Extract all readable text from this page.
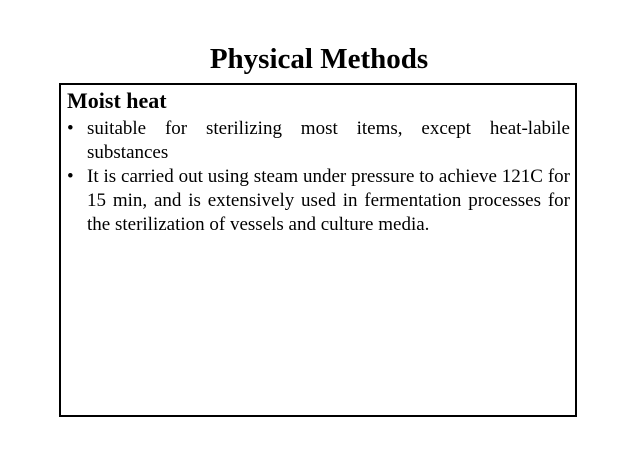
Physical Methods
Moist heat
• suitable for sterilizing most items, except heat-labile substances
• It is carried out using steam under pressure to achieve 121C for 15 min, and is extensively used in fermentation processes for the sterilization of vessels and culture media.
